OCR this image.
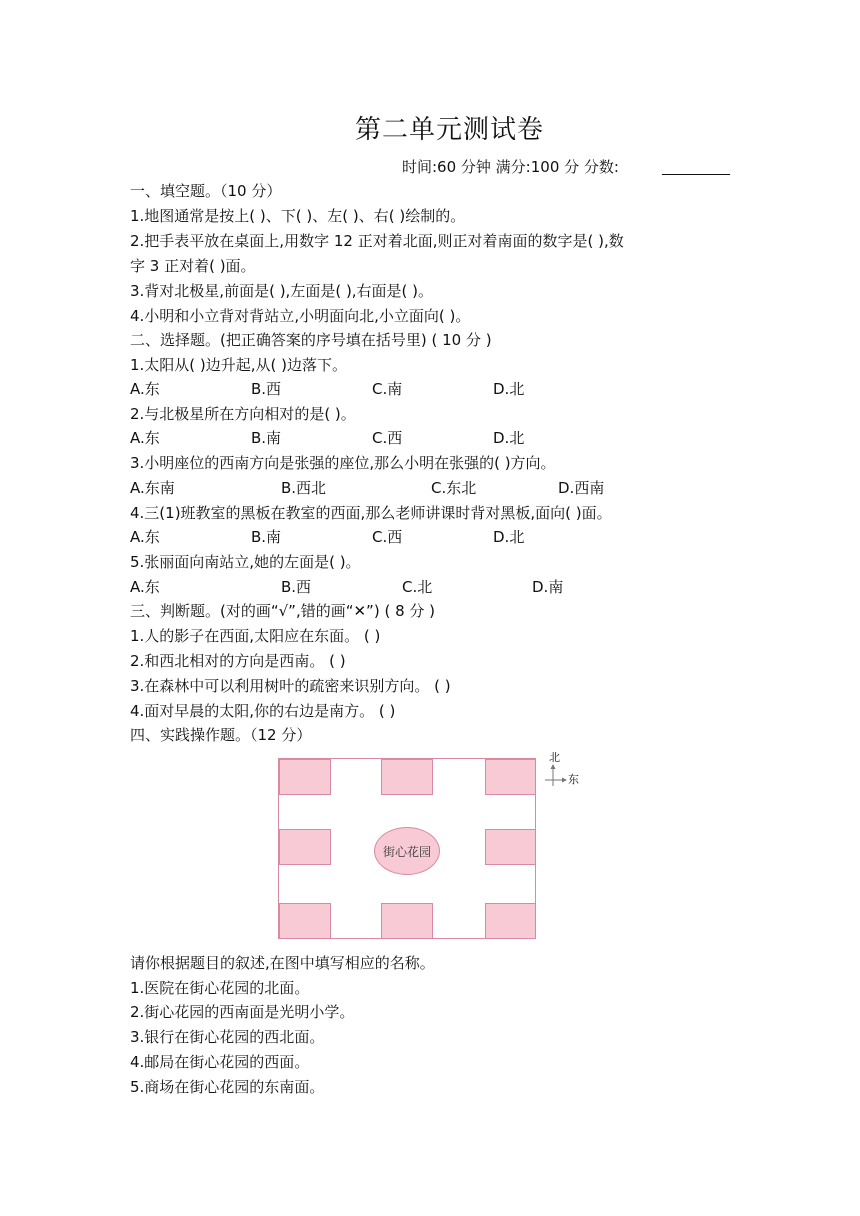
第二单元测试卷
时间:60 分钟 满分:100 分 分数:
一、填空题。（10 分）
1.地图通常是按上( )、下( )、左( )、右( )绘制的。
2.把手表平放在桌面上,用数字 12 正对着北面,则正对着南面的数字是( ),数
字 3 正对着( )面。
3.背对北极星,前面是( ),左面是( ),右面是( )。
4.小明和小立背对背站立,小明面向北,小立面向( )。
二、选择题。(把正确答案的序号填在括号里) ( 10 分 )
1.太阳从( )边升起,从( )边落下。
A.东	B.西	C.南	D.北
2.与北极星所在方向相对的是( )。
A.东	B.南	C.西	D.北
3.小明座位的西南方向是张强的座位,那么小明在张强的( )方向。
A.东南	B.西北	C.东北	D.西南
4.三(1)班教室的黑板在教室的西面,那么老师讲课时背对黑板,面向( )面。
A.东	B.南	C.西	D.北
5.张丽面向南站立,她的左面是( )。
A.东	B.西	C.北	D.南
三、判断题。(对的画“√”,错的画“✕”) ( 8 分 )
1.人的影子在西面,太阳应在东面。 ( )
2.和西北相对的方向是西南。 ( )
3.在森林中可以利用树叶的疏密来识别方向。 ( )
4.面对早晨的太阳,你的右边是南方。 ( )
四、实践操作题。（12 分）
街心花园
北
东
请你根据题目的叙述,在图中填写相应的名称。
1.医院在街心花园的北面。
2.街心花园的西南面是光明小学。
3.银行在街心花园的西北面。
4.邮局在街心花园的西面。
5.商场在街心花园的东南面。
